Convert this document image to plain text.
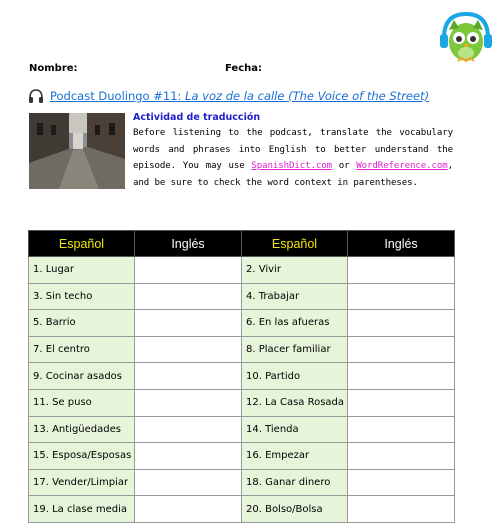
Nombre:	Fecha:
Podcast Duolingo #11: La voz de la calle (The Voice of the Street)
Actividad de traducción
Before listening to the podcast, translate the vocabulary words and phrases into English to better understand the episode. You may use SpanishDict.com or WordReference.com, and be sure to check the word context in parentheses.
Español	Inglés	Español	Inglés
1. Lugar		2. Vivir	
3. Sin techo		4. Trabajar	
5. Barrio		6. En las afueras	
7. El centro		8. Placer familiar	
9. Cocinar asados		10. Partido	
11. Se puso		12. La Casa Rosada	
13. Antigüedades		14. Tienda	
15. Esposa/Esposas		16. Empezar	
17. Vender/Limpiar		18. Ganar dinero	
19. La clase media		20. Bolso/Bolsa	
